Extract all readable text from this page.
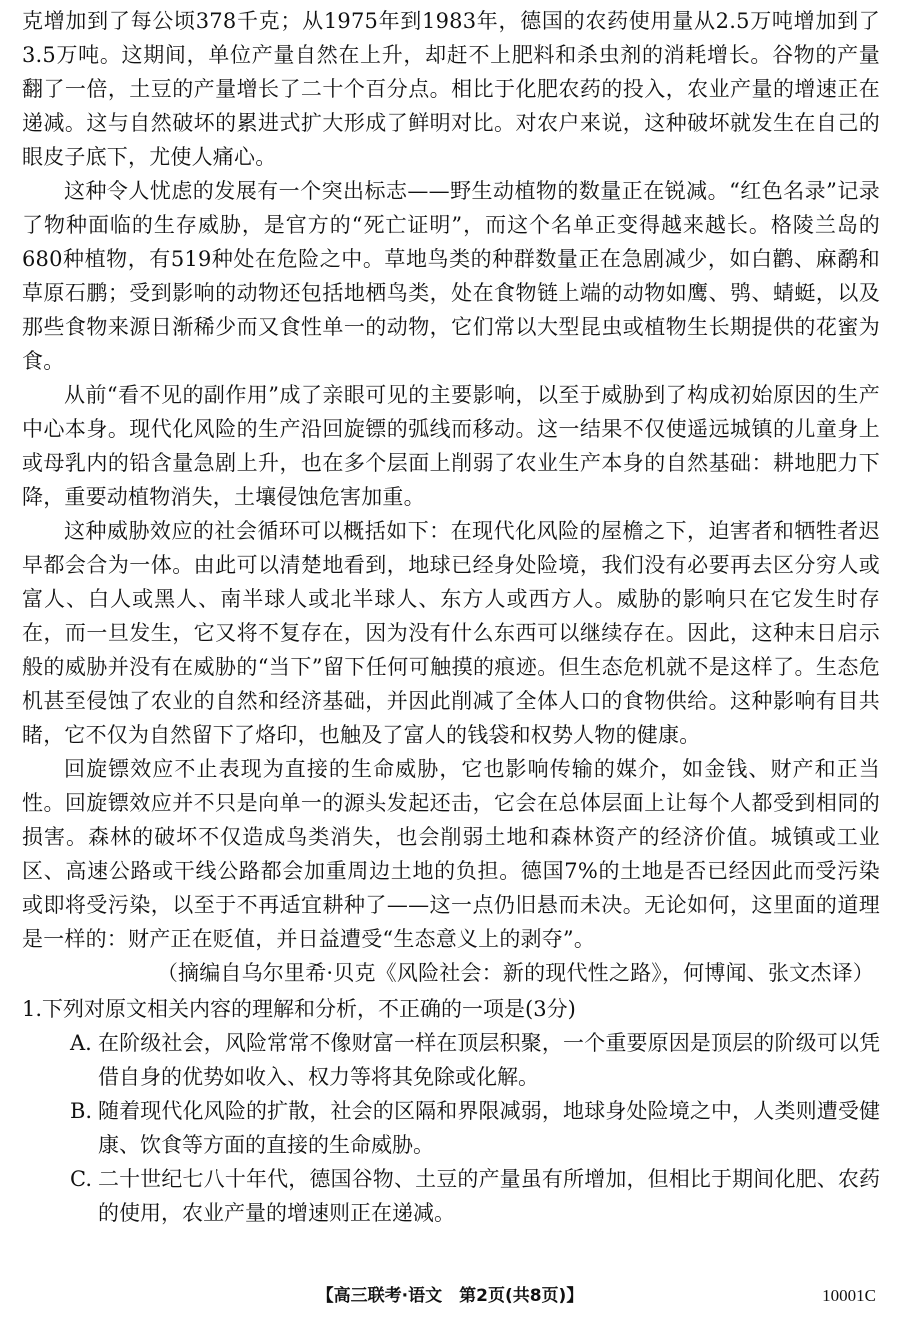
克增加到了每公顷378千克；从1975年到1983年，德国的农药使用量从2.5万吨增加到了3.5万吨。这期间，单位产量自然在上升，却赶不上肥料和杀虫剂的消耗增长。谷物的产量翻了一倍，土豆的产量增长了二十个百分点。相比于化肥农药的投入，农业产量的增速正在递减。这与自然破坏的累进式扩大形成了鲜明对比。对农户来说，这种破坏就发生在自己的眼皮子底下，尤使人痛心。

这种令人忧虑的发展有一个突出标志——野生动植物的数量正在锐减。“红色名录”记录了物种面临的生存威胁，是官方的“死亡证明”，而这个名单正变得越来越长。格陵兰岛的680种植物，有519种处在危险之中。草地鸟类的种群数量正在急剧减少，如白鹳、麻鹬和草原石鹏；受到影响的动物还包括地栖鸟类，处在食物链上端的动物如鹰、鸮、蜻蜓，以及那些食物来源日渐稀少而又食性单一的动物，它们常以大型昆虫或植物生长期提供的花蜜为食。

从前“看不见的副作用”成了亲眼可见的主要影响，以至于威胁到了构成初始原因的生产中心本身。现代化风险的生产沿回旋镖的弧线而移动。这一结果不仅使遥远城镇的儿童身上或母乳内的铅含量急剧上升，也在多个层面上削弱了农业生产本身的自然基础：耕地肥力下降，重要动植物消失，土壤侵蚀危害加重。

这种威胁效应的社会循环可以概括如下：在现代化风险的屋檐之下，迫害者和牺牲者迟早都会合为一体。由此可以清楚地看到，地球已经身处险境，我们没有必要再去区分穷人或富人、白人或黑人、南半球人或北半球人、东方人或西方人。威胁的影响只在它发生时存在，而一旦发生，它又将不复存在，因为没有什么东西可以继续存在。因此，这种末日启示般的威胁并没有在威胁的“当下”留下任何可触摸的痕迹。但生态危机就不是这样了。生态危机甚至侵蚀了农业的自然和经济基础，并因此削减了全体人口的食物供给。这种影响有目共睹，它不仅为自然留下了烙印，也触及了富人的钱袋和权势人物的健康。

回旋镖效应不止表现为直接的生命威胁，它也影响传输的媒介，如金钱、财产和正当性。回旋镖效应并不只是向单一的源头发起还击，它会在总体层面上让每个人都受到相同的损害。森林的破坏不仅造成鸟类消失，也会削弱土地和森林资产的经济价值。城镇或工业区、高速公路或干线公路都会加重周边土地的负担。德国7%的土地是否已经因此而受污染或即将受污染，以至于不再适宜耕种了——这一点仍旧悬而未决。无论如何，这里面的道理是一样的：财产正在贬值，并日益遭受“生态意义上的剥夺”。

（摘编自乌尔里希·贝克《风险社会：新的现代性之路》，何博闻、张文杰译）

1.下列对原文相关内容的理解和分析，不正确的一项是(3分)
A. 在阶级社会，风险常常不像财富一样在顶层积聚，一个重要原因是顶层的阶级可以凭借自身的优势如收入、权力等将其免除或化解。
B. 随着现代化风险的扩散，社会的区隔和界限减弱，地球身处险境之中，人类则遭受健康、饮食等方面的直接的生命威胁。
C. 二十世纪七八十年代，德国谷物、土豆的产量虽有所增加，但相比于期间化肥、农药的使用，农业产量的增速则正在递减。
【高三联考·语文　第2页(共8页)】	10001C
